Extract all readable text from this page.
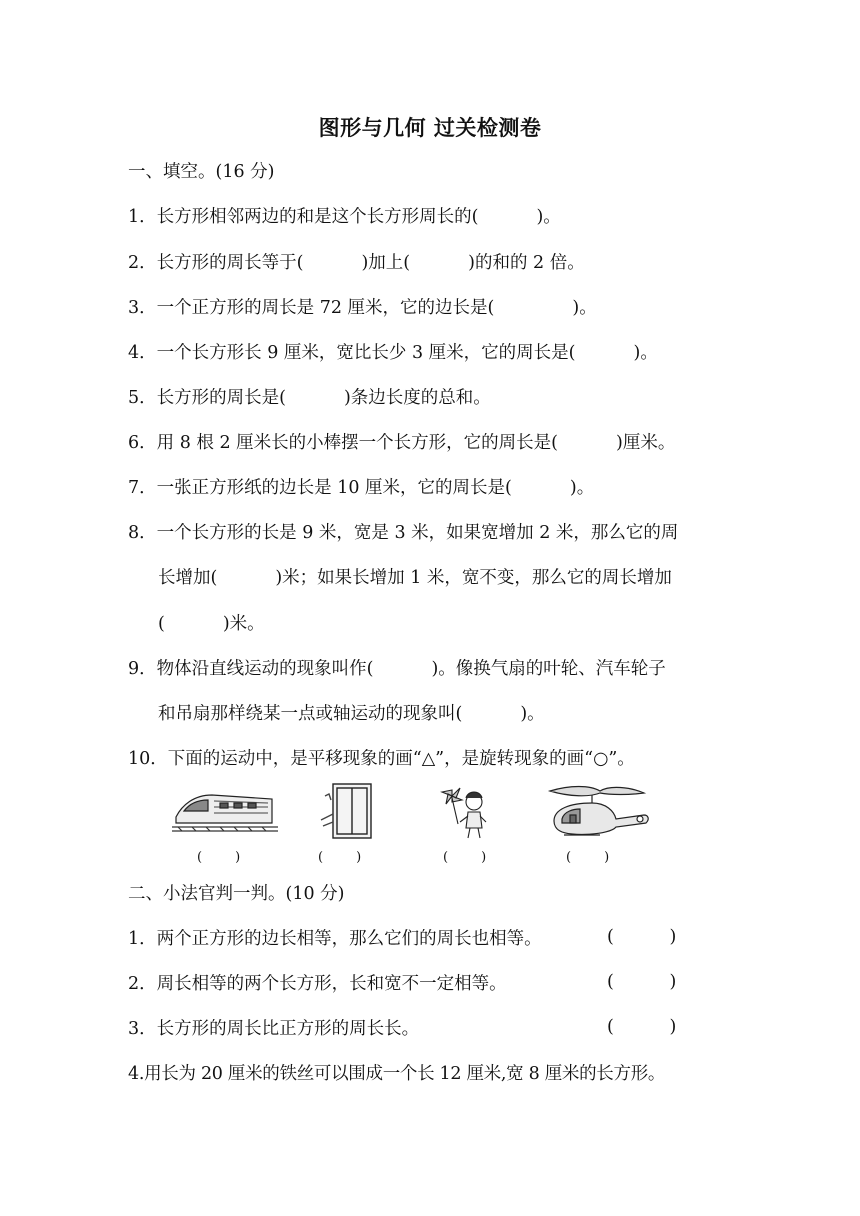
图形与几何 过关检测卷
一、填空。(16 分)
1．长方形相邻两边的和是这个长方形周长的(	)。
2．长方形的周长等于(	)加上(	)的和的 2 倍。
3．一个正方形的周长是 72 厘米，它的边长是(	)。
4．一个长方形长 9 厘米，宽比长少 3 厘米，它的周长是(	)。
5．长方形的周长是(	)条边长度的总和。
6．用 8 根 2 厘米长的小棒摆一个长方形，它的周长是(	)厘米。
7．一张正方形纸的边长是 10 厘米，它的周长是(	)。
8．一个长方形的长是 9 米，宽是 3 米，如果宽增加 2 米，那么它的周
长增加(	)米；如果长增加 1 米，宽不变，那么它的周长增加
(	)米。
9．物体沿直线运动的现象叫作(	)。像换气扇的叶轮、汽车轮子
和吊扇那样绕某一点或轴运动的现象叫(	)。
10．下面的运动中，是平移现象的画“△”，是旋转现象的画“○”。
(        )	(        )	(        )	(        )
二、小法官判一判。(10 分)
1．两个正方形的边长相等，那么它们的周长也相等。	(          )
2．周长相等的两个长方形，长和宽不一定相等。	(          )
3．长方形的周长比正方形的周长长。	(          )
4.用长为 20 厘米的铁丝可以围成一个长 12 厘米,宽 8 厘米的长方形。
